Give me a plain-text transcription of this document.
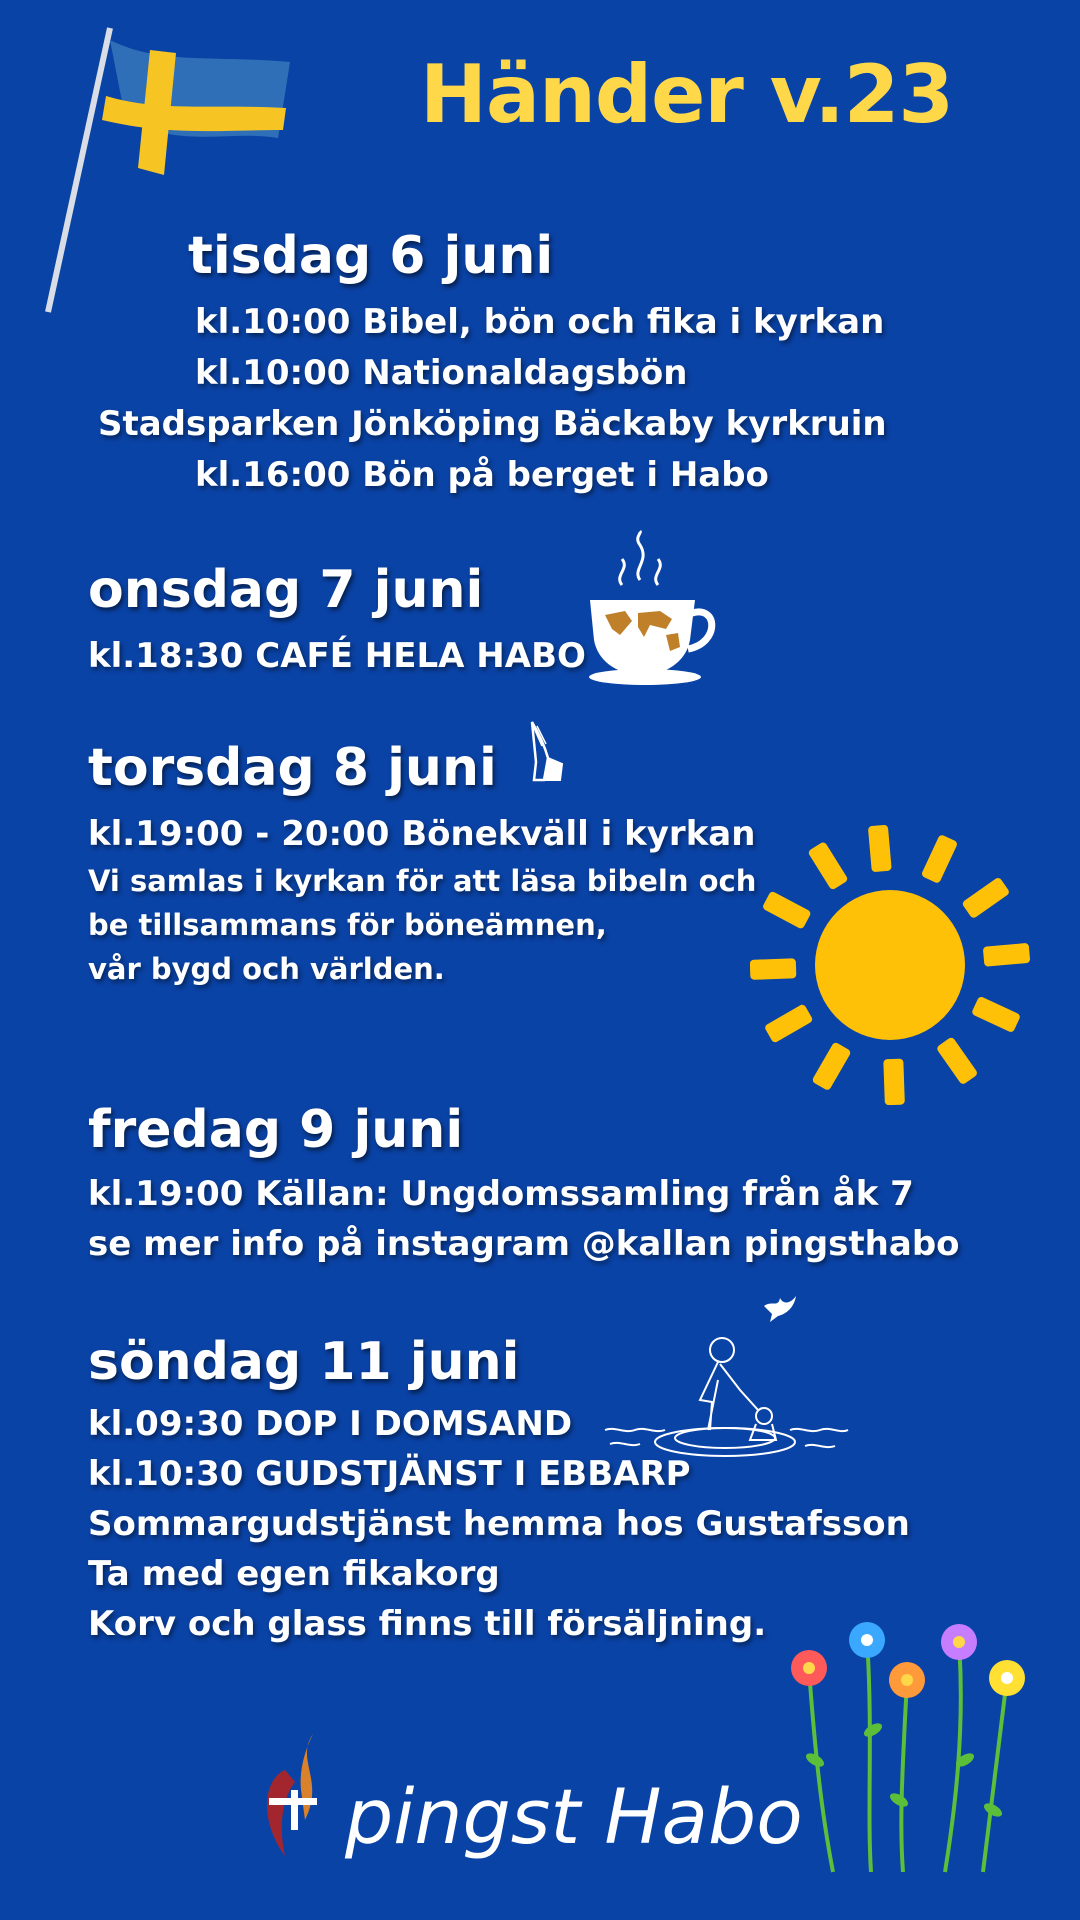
Händer v.23
tisdag 6 juni
kl.10:00 Bibel, bön och fika i kyrkan
kl.10:00 Nationaldagsbön
Stadsparken Jönköping Bäckaby kyrkruin
kl.16:00 Bön på berget i Habo
onsdag 7 juni
kl.18:30 CAFÉ HELA HABO
torsdag 8 juni
kl.19:00 - 20:00 Bönekväll i kyrkan
Vi samlas i kyrkan för att läsa bibeln och
be tillsammans för böneämnen,
vår bygd och världen.
fredag 9 juni
kl.19:00 Källan: Ungdomssamling från åk 7
se mer info på instagram @kallan pingsthabo
söndag 11 juni
kl.09:30 DOP I DOMSAND
kl.10:30 GUDSTJÄNST I EBBARP
Sommargudstjänst hemma hos Gustafsson
Ta med egen fikakorg
Korv och glass finns till försäljning.
pingst Habo
